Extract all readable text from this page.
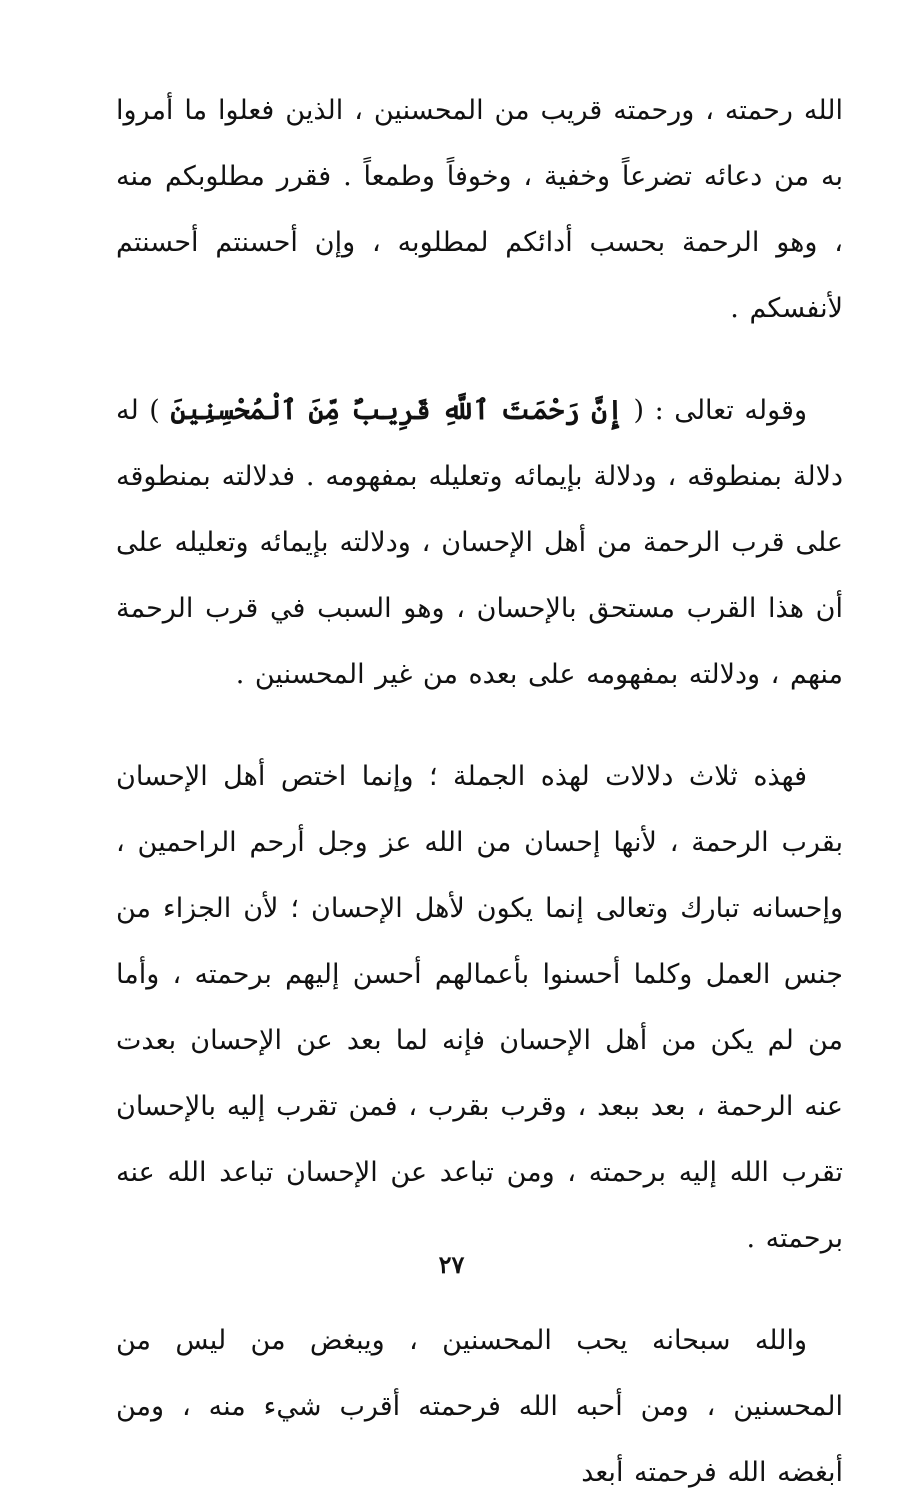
الله رحمته ، ورحمته قريب من المحسنين ، الذين فعلوا ما أمروا به من دعائه تضرعاً وخفية ، وخوفاً وطمعاً . فقرر مطلوبكم منه ، وهو الرحمة بحسب أدائكم لمطلوبه ، وإن أحسنتم أحسنتم لأنفسكم .

وقوله تعالى : ( إِنَّ رَحْمَتَ ٱللَّهِ قَرِيبٌ مِّنَ ٱلْمُحْسِنِينَ ) له دلالة بمنطوقه ، ودلالة بإيمائه وتعليله بمفهومه . فدلالته بمنطوقه على قرب الرحمة من أهل الإحسان ، ودلالته بإيمائه وتعليله على أن هذا القرب مستحق بالإحسان ، وهو السبب في قرب الرحمة منهم ، ودلالته بمفهومه على بعده من غير المحسنين .

فهذه ثلاث دلالات لهذه الجملة ؛ وإنما اختص أهل الإحسان بقرب الرحمة ، لأنها إحسان من الله عز وجل أرحم الراحمين ، وإحسانه تبارك وتعالى إنما يكون لأهل الإحسان ؛ لأن الجزاء من جنس العمل وكلما أحسنوا بأعمالهم أحسن إليهم برحمته ، وأما من لم يكن من أهل الإحسان فإنه لما بعد عن الإحسان بعدت عنه الرحمة ، بعد ببعد ، وقرب بقرب ، فمن تقرب إليه بالإحسان تقرب الله إليه برحمته ، ومن تباعد عن الإحسان تباعد الله عنه برحمته .

والله سبحانه يحب المحسنين ، ويبغض من ليس من المحسنين ، ومن أحبه الله فرحمته أقرب شيء منه ، ومن أبغضه الله فرحمته أبعد

٢٧
